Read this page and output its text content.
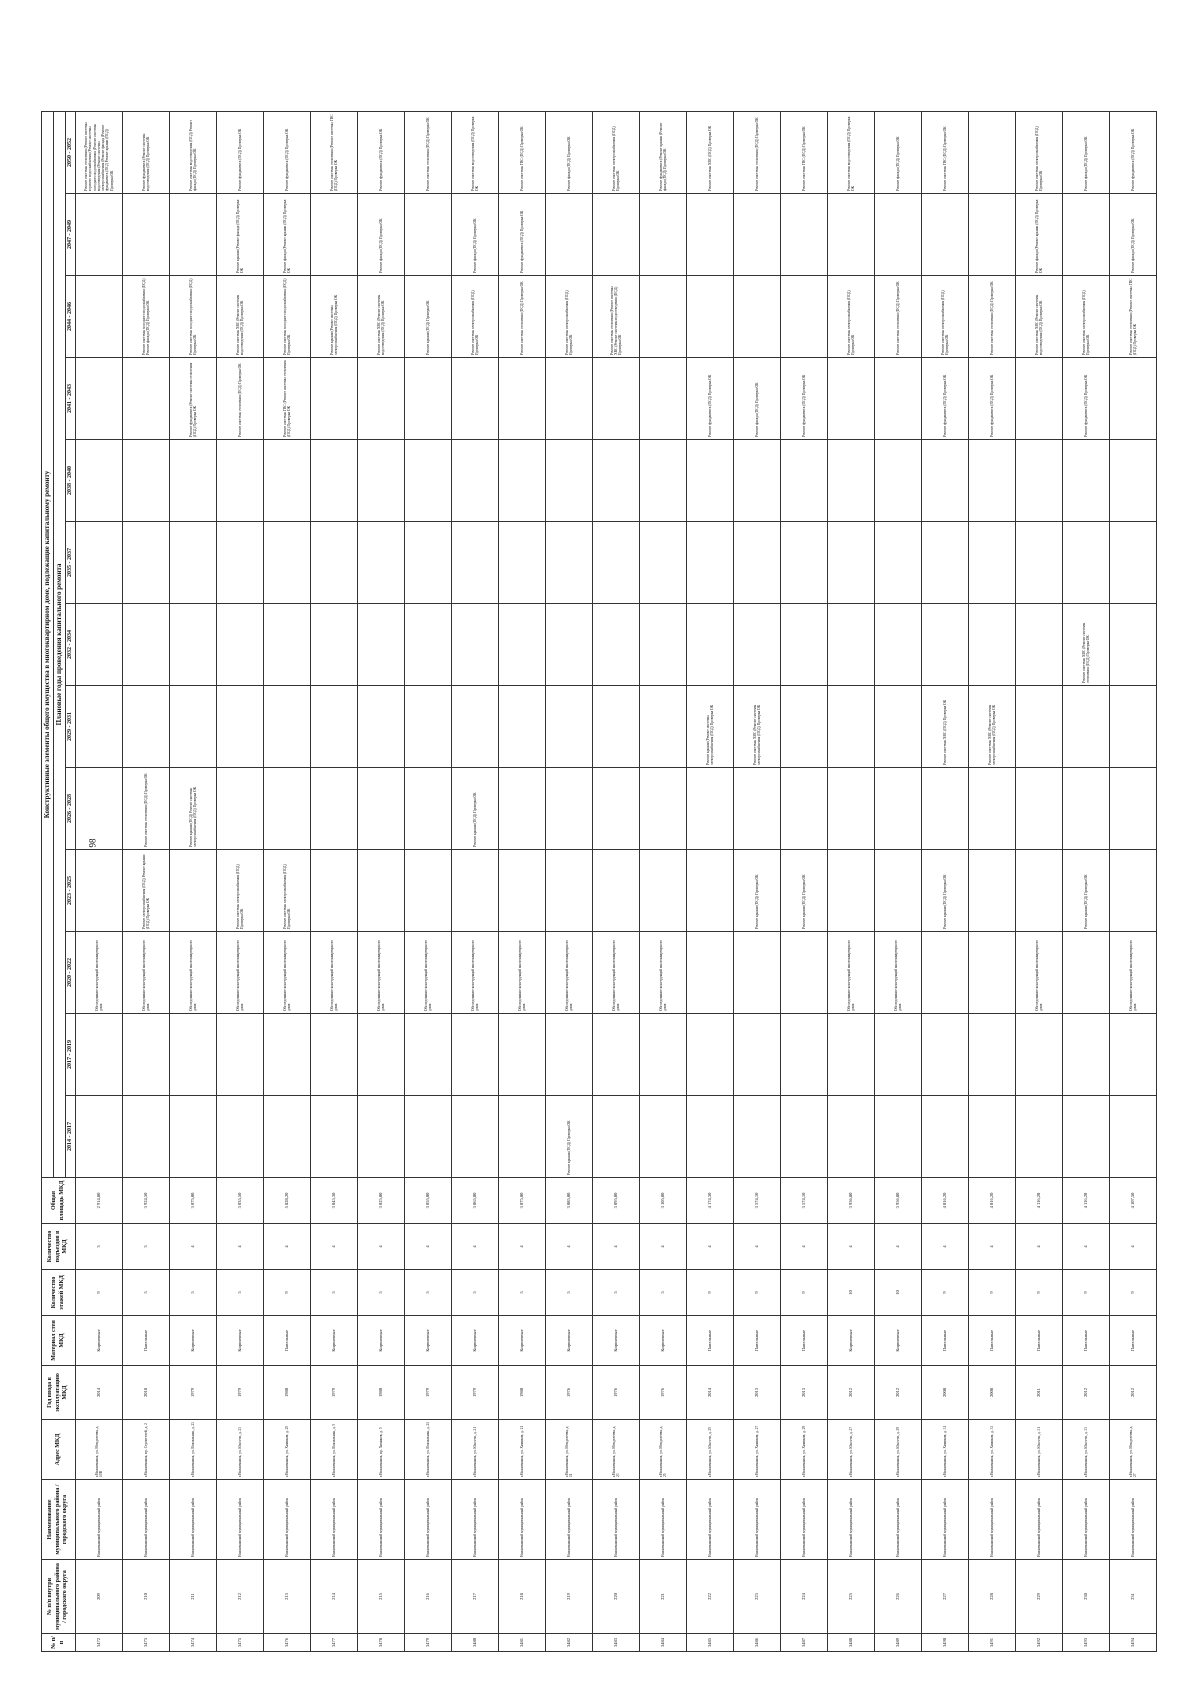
98
№ п/п	№ п/п внутри муниципального района / городского округа	Наименование муниципального района / городского округа	Адрес МКД	Год ввода в эксплуатацию МКД	Материал стен МКД	Количество этажей МКД	Количество подъездов в МКД	Общая площадь МКД	Конструктивные элементы общего имущества в многоквартирном доме, подлежащие капитальному ремонту												
									Плановые годы проведения капитального ремонта												
									2014 - 2017	2017 - 2019	2020 - 2022	2023 - 2025	2026 - 2028	2029 - 2031	2032 - 2034	2035 - 2037	2038 - 2040	2041 - 2043	2044 - 2046	2047 - 2049	2050 - 2052
3472	209	Нижнекамский муниципальный район	г.Нижнекамск, ул. Менделеева, д. 10В	2014	Кирпичные	9	3	2 914,80			Обследование конструкций многоквартирного дома										Ремонт системы отопления (Ремонт системы горячего водоснабжения (Ремонт системы холодного водоснабжения (Ремонт системы водоотведения (Ремонт системы электроснабжения (Ремонт фасада (Ремонт фундамента (ПСД Ремонт крыши (ПСД) Проверка ОК
3473	210	Нижнекамский муниципальный район	г.Нижнекамск, пр. Строителей, д. 2	2018	Панельные	5	3	3 924,50			Обследование конструкций многоквартирного дома	Ремонт электроснабжения (ПСД) Ремонт крыши (ПСД) Проверка ОК	Ремонт системы отопления (ПСД) Проверка ОК						Ремонт системы холодного водоснабжения (ПСД) Ремонт фасада (ПСД) Проверка ОК		Ремонт фундамента (Ремонт системы водоотведения (ПСД) Проверка ОК
3474	211	Нижнекамский муниципальный район	г.Нижнекамск, ул. Вокзальная, д. 23	1979	Кирпичные	5	4	3 075,00			Обследование конструкций многоквартирного дома		Ремонт крыши (ПСД) Ремонт системы электроснабжения (ПСД) Проверка ОК					Ремонт фундамента (Ремонт системы отопления (ПСД) Проверка ОК	Ремонт системы холодного водоснабжения (ПСД) Проверка ОК		Ремонт системы водоотведения (ПСД) Ремонт фасада (ПСД) Проверка ОК
3475	212	Нижнекамский муниципальный район	г.Нижнекамск, ул. Юности, д. 23	1979	Кирпичные	5	4	3 035,50			Обследование конструкций многоквартирного дома	Ремонт системы электроснабжения (ПСД) Проверка ОК						Ремонт системы отопления (ПСД) Проверка ОК	Ремонт системы ХВС (Ремонт системы водоотведения (ПСД) Проверка ОК	Ремонт крыши (Ремонт фасада (ПСД) Проверка ОК	Ремонт фундамента (ПСД) Проверка ОК
3476	213	Нижнекамский муниципальный район	г.Нижнекамск, ул. Химиков, д. 25	1980	Панельные	9	4	5 828,20			Обследование конструкций многоквартирного дома	Ремонт системы электроснабжения (ПСД) Проверка ОК						Ремонт системы ГВС (Ремонт системы отопления (ПСД) Проверка ОК	Ремонт системы холодного водоснабжения (ПСД) Проверка ОК	Ремонт фасада (Ремонт крыши (ПСД) Проверка ОК	Ремонт фундамента (ПСД) Проверка ОК
3477	214	Нижнекамский муниципальный район	г.Нижнекамск, ул. Вокзальная, д. 5	1979	Кирпичные	5	4	3 045,30			Обследование конструкций многоквартирного дома								Ремонт крыши (Ремонт системы электроснабжения (ПСД) Проверка ОК		Ремонт системы отопления (Ремонт системы ГВС (ПСД) Проверка ОК
3478	215	Нижнекамский муниципальный район	г.Нижнекамск, пр. Химиков, д. 5	1980	Кирпичные	5	4	3 025,00			Обследование конструкций многоквартирного дома								Ремонт системы ХВС (Ремонт системы водоотведения (ПСД) Проверка ОК	Ремонт фасада (ПСД) Проверка ОК	Ремонт фундамента (ПСД) Проверка ОК
3479	216	Нижнекамский муниципальный район	г.Нижнекамск, ул. Вокзальная, д. 21	1979	Кирпичные	5	4	3 055,00			Обследование конструкций многоквартирного дома								Ремонт крыши (ПСД) Проверка ОК		Ремонт системы отопления (ПСД) Проверка ОК
3480	217	Нижнекамский муниципальный район	г.Нижнекамск, ул. Юности, д. 21	1979	Кирпичные	5	4	3 065,00			Обследование конструкций многоквартирного дома		Ремонт крыши (ПСД) Проверка ОК						Ремонт системы электроснабжения (ПСД) Проверка ОК	Ремонт фасада (ПСД) Проверка ОК	Ремонт системы водоотведения (ПСД) Проверка ОК
3481	218	Нижнекамский муниципальный район	г.Нижнекамск, ул. Химиков, д. 21	1980	Кирпичные	5	4	3 075,00			Обследование конструкций многоквартирного дома								Ремонт системы отопления (ПСД) Проверка ОК	Ремонт фундамента (ПСД) Проверка ОК	Ремонт системы ГВС (ПСД) Проверка ОК
3482	219	Нижнекамский муниципальный район	г.Нижнекамск, ул. Менделеева, д. 11	1976	Кирпичные	5	4	3 085,00	Ремонт крыши (ПСД) Проверка ОК		Обследование конструкций многоквартирного дома								Ремонт системы электроснабжения (ПСД) Проверка ОК		Ремонт фасада (ПСД) Проверка ОК
3483	220	Нижнекамский муниципальный район	г.Нижнекамск, ул. Менделеева, д. 23	1976	Кирпичные	5	4	3 095,00			Обследование конструкций многоквартирного дома								Ремонт системы отопления (Ремонт системы ХВС (Ремонт системы водоотведения (ПСД) Проверка ОК		Ремонт системы электроснабжения (ПСД) Проверка ОК
3484	221	Нижнекамский муниципальный район	г.Нижнекамск, ул. Менделеева, д. 25	1976	Кирпичные	5	4	3 105,00			Обследование конструкций многоквартирного дома										Ремонт фундамента (Ремонт крыши (Ремонт фасада (ПСД) Проверка ОК
3485	222	Нижнекамский муниципальный район	г.Нижнекамск, ул. Юности, д. 25	2014	Панельные	9	4	4 174,30						Ремонт крыши (Ремонт системы электроснабжения (ПСД) Проверка ОК				Ремонт фундамента (ПСД) Проверка ОК			Ремонт системы ХВС (ПСД) Проверка ОК
3486	223	Нижнекамский муниципальный район	г.Нижнекамск, ул. Химиков, д. 27	2013	Панельные	9	4	3 574,10				Ремонт крыши (ПСД) Проверка ОК		Ремонт системы ХВС (Ремонт системы электроснабжения (ПСД) Проверка ОК				Ремонт фасада (ПСД) Проверка ОК			Ремонт системы отопления (ПСД) Проверка ОК
3487	224	Нижнекамский муниципальный район	г.Нижнекамск, ул. Химиков, д. 29	2013	Панельные	9	4	3 574,10				Ремонт крыши (ПСД) Проверка ОК						Ремонт фундамента (ПСД) Проверка ОК			Ремонт системы ГВС (ПСД) Проверка ОК
3488	225	Нижнекамский муниципальный район	г.Нижнекамск, ул. Юности, д. 27	2012	Кирпичные	10	4	3 956,80			Обследование конструкций многоквартирного дома								Ремонт системы электроснабжения (ПСД) Проверка ОК		Ремонт системы водоотведения (ПСД) Проверка ОК
3489	226	Нижнекамский муниципальный район	г.Нижнекамск, ул. Юности, д. 29	2012	Кирпичные	10	4	3 956,80			Обследование конструкций многоквартирного дома								Ремонт системы отопления (ПСД) Проверка ОК		Ремонт фасада (ПСД) Проверка ОК
3490	227	Нижнекамский муниципальный район	г.Нижнекамск, ул. Химиков, д. 31	2008	Панельные	9	4	4 016,20				Ремонт крыши (ПСД) Проверка ОК		Ремонт системы ХВС (ПСД) Проверка ОК				Ремонт фундамента (ПСД) Проверка ОК	Ремонт системы электроснабжения (ПСД) Проверка ОК		Ремонт системы ГВС (ПСД) Проверка ОК
3491	228	Нижнекамский муниципальный район	г.Нижнекамск, ул. Химиков, д. 33	2008	Панельные	9	4	4 016,20						Ремонт системы ХВС (Ремонт системы электроснабжения (ПСД) Проверка ОК				Ремонт фундамента (ПСД) Проверка ОК	Ремонт системы отопления (ПСД) Проверка ОК		
3492	229	Нижнекамский муниципальный район	г.Нижнекамск, ул. Юности, д. 31	2011	Панельные	9	4	4 116,20			Обследование конструкций многоквартирного дома								Ремонт системы ХВС (Ремонт системы водоотведения (ПСД) Проверка ОК	Ремонт фасада (Ремонт крыши (ПСД) Проверка ОК	Ремонт системы электроснабжения (ПСД) Проверка ОК
3493	230	Нижнекамский муниципальный район	г.Нижнекамск, ул. Юности, д. 33	2012	Панельные	9	4	4 116,20				Ремонт крыши (ПСД) Проверка ОК			Ремонт системы ХВС (Ремонт системы отопления (ПСД) Проверка ОК			Ремонт фундамента (ПСД) Проверка ОК	Ремонт системы электроснабжения (ПСД) Проверка ОК		Ремонт фасада (ПСД) Проверка ОК
3494	231	Нижнекамский муниципальный район	г.Нижнекамск, ул. Менделеева, д. 27	2012	Панельные	9	4	4 107,50			Обследование конструкций многоквартирного дома								Ремонт системы отопления (Ремонт системы ГВС (ПСД) Проверка ОК	Ремонт фасада (ПСД) Проверка ОК	Ремонт фундамента (ПСД) Проверка ОК
